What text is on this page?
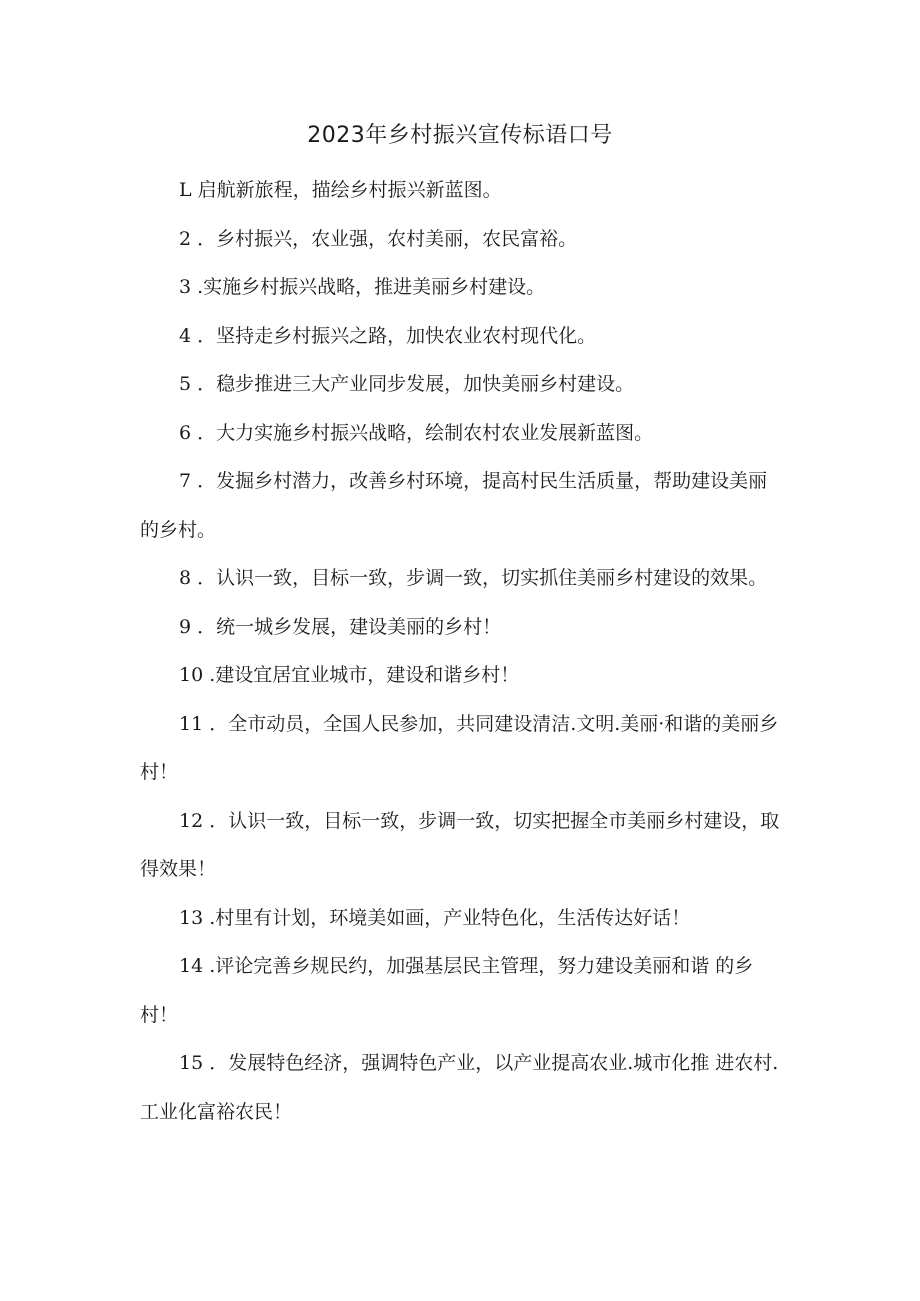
2023年乡村振兴宣传标语口号

L 启航新旅程，描绘乡村振兴新蓝图。

2 ．乡村振兴，农业强，农村美丽，农民富裕。

3 .实施乡村振兴战略，推进美丽乡村建设。

4 ．坚持走乡村振兴之路，加快农业农村现代化。

5 ．稳步推进三大产业同步发展，加快美丽乡村建设。

6 ．大力实施乡村振兴战略，绘制农村农业发展新蓝图。

7 ．发掘乡村潜力，改善乡村环境，提高村民生活质量，帮助建设美丽的乡村。

8 ．认识一致，目标一致，步调一致，切实抓住美丽乡村建设的效果。

9 ．统一城乡发展，建设美丽的乡村！

10 .建设宜居宜业城市，建设和谐乡村！

11 ．全市动员，全国人民参加，共同建设清洁.文明.美丽·和谐的美丽乡村！

12 ．认识一致，目标一致，步调一致，切实把握全市美丽乡村建设，取得效果！

13 .村里有计划，环境美如画，产业特色化，生活传达好话！

14 .评论完善乡规民约，加强基层民主管理，努力建设美丽和谐 的乡村！

15 ．发展特色经济，强调特色产业，以产业提高农业.城市化推 进农村.工业化富裕农民！
